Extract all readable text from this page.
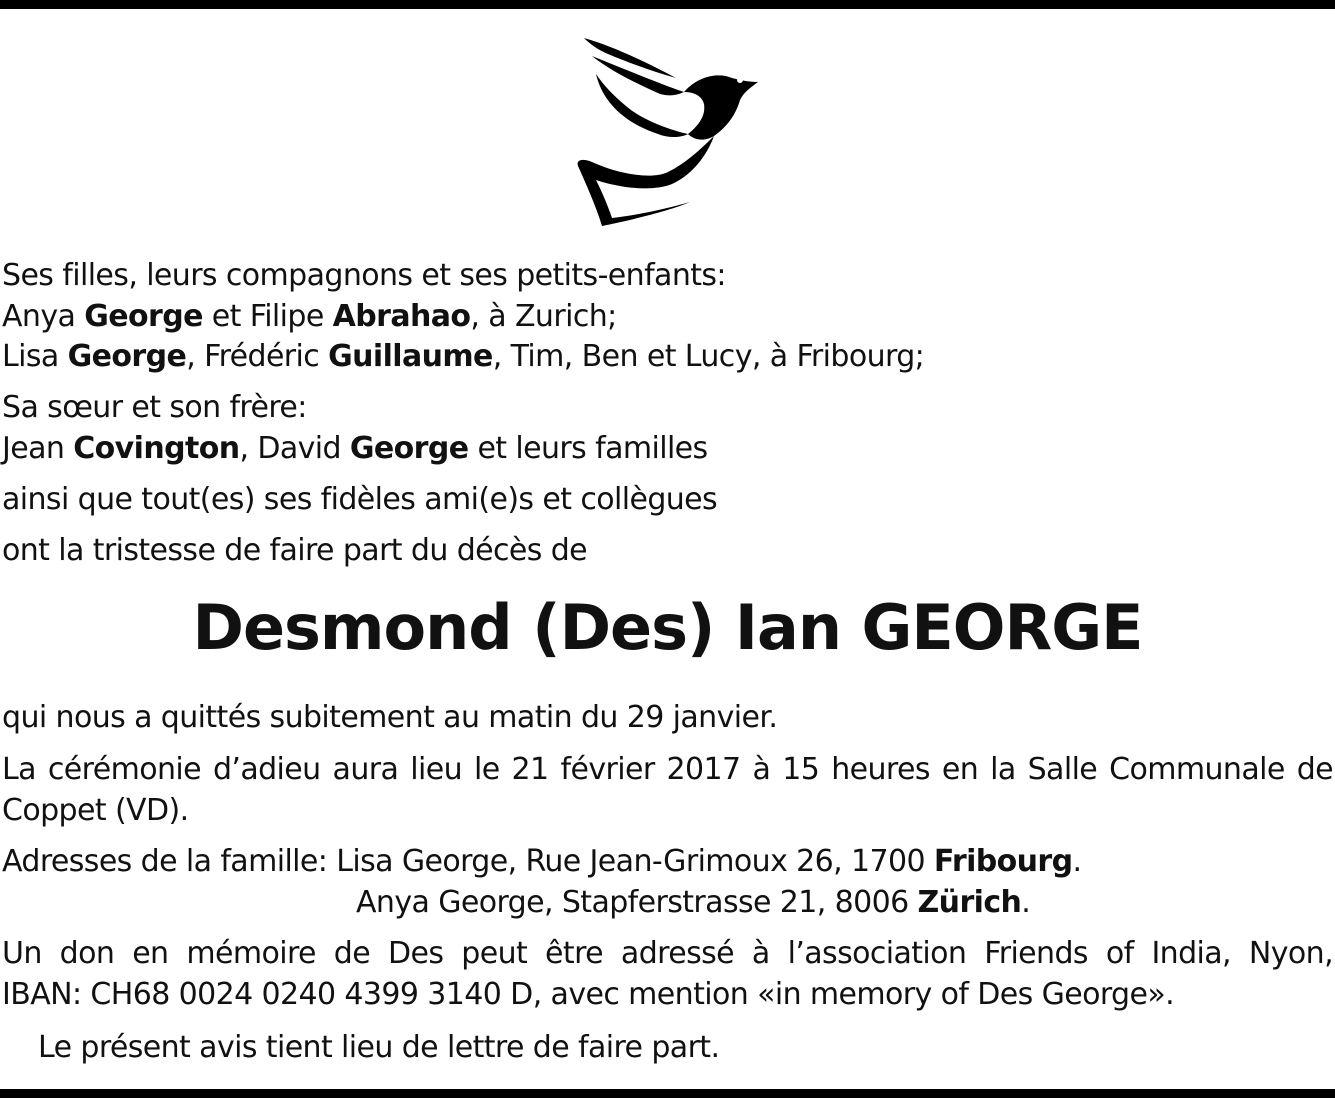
Ses filles, leurs compagnons et ses petits-enfants:
Anya George et Filipe Abrahao, à Zurich;
Lisa George, Frédéric Guillaume, Tim, Ben et Lucy, à Fribourg;
Sa sœur et son frère:
Jean Covington, David George et leurs familles
ainsi que tout(es) ses fidèles ami(e)s et collègues
ont la tristesse de faire part du décès de
Desmond (Des) Ian GEORGE
qui nous a quittés subitement au matin du 29 janvier.
La cérémonie d’adieu aura lieu le 21 février 2017 à 15 heures en la Salle Communale de
Coppet (VD).
Adresses de la famille: Lisa George, Rue Jean-Grimoux 26, 1700 Fribourg.
Anya George, Stapferstrasse 21, 8006 Zürich.
Un don en mémoire de Des peut être adressé à l’association Friends of India, Nyon,
IBAN: CH68 0024 0240 4399 3140 D, avec mention «in memory of Des George».
Le présent avis tient lieu de lettre de faire part.
